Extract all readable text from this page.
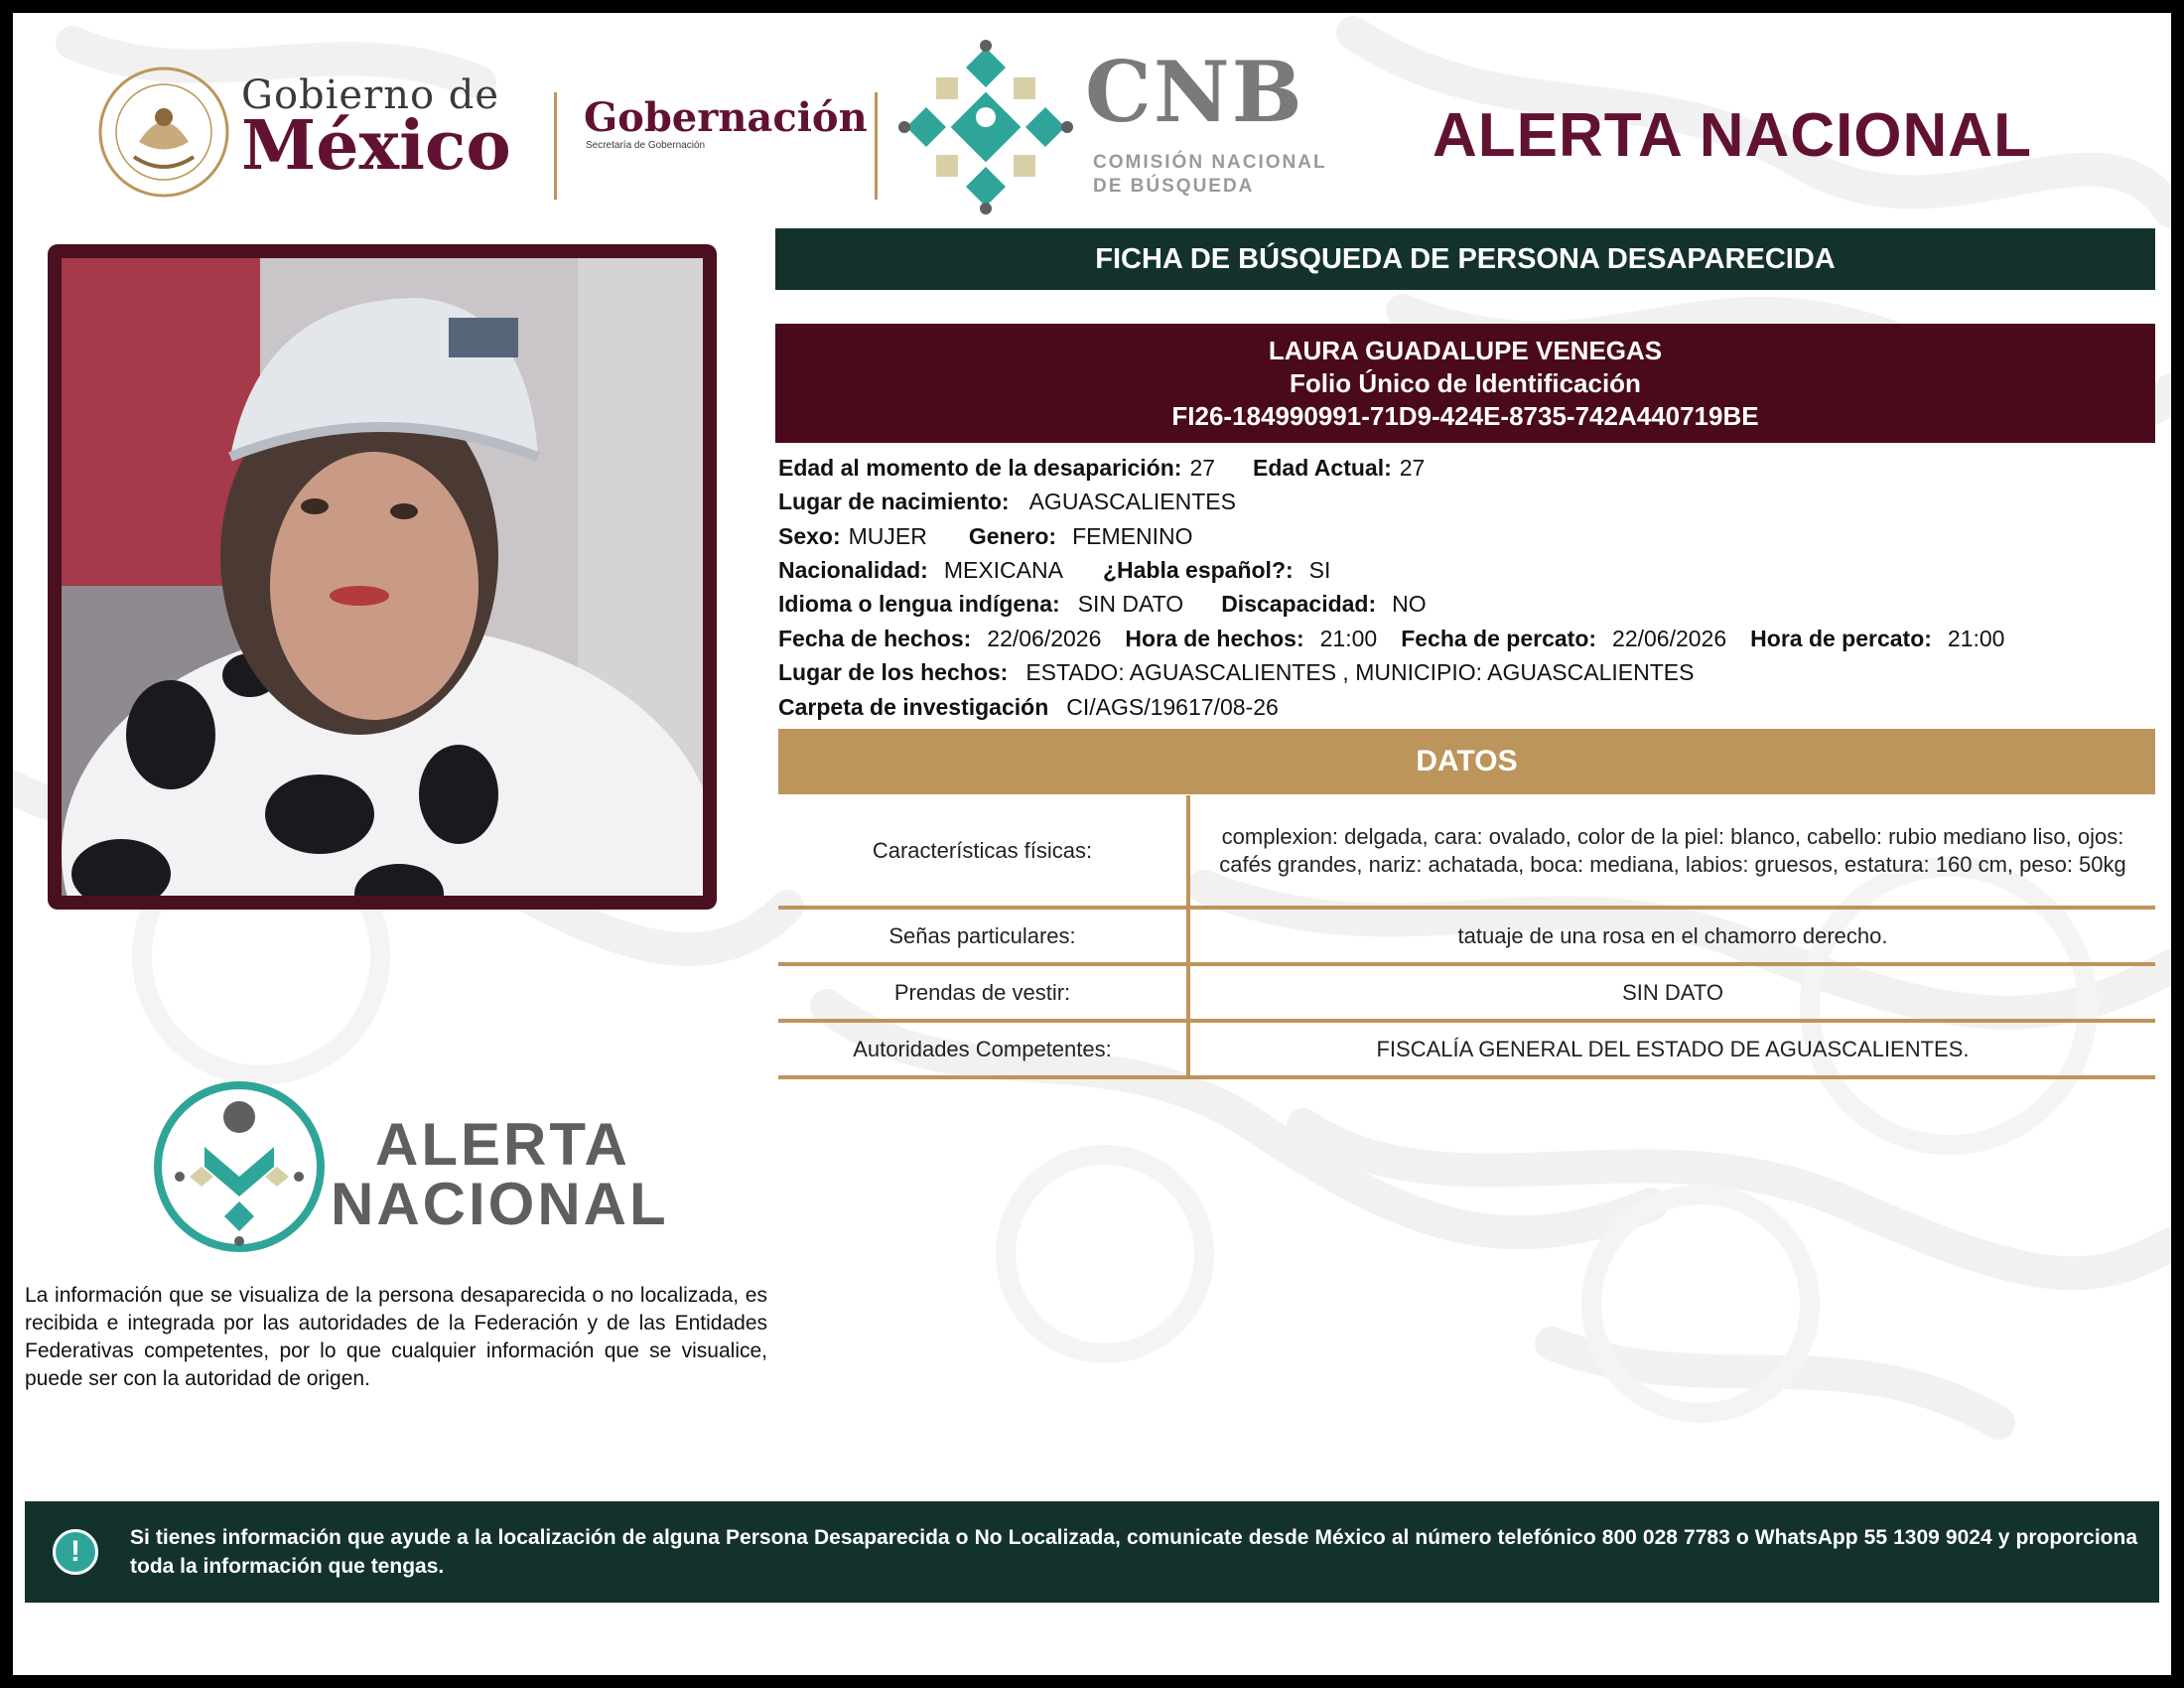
Gobierno de
México Gobernación
Secretaría de Gobernación
CNB
COMISIÓN NACIONAL
DE BÚSQUEDA
ALERTA NACIONAL
FICHA DE BÚSQUEDA DE PERSONA DESAPARECIDA
LAURA GUADALUPE VENEGAS
Folio Único de Identificación
FI26-184990991-71D9-424E-8735-742A440719BE
Edad al momento de la desaparición: 27 Edad Actual: 27
Lugar de nacimiento: AGUASCALIENTES
Sexo: MUJER Genero: FEMENINO
Nacionalidad: MEXICANA ¿Habla español?: SI
Idioma o lengua indígena: SIN DATO Discapacidad: NO
Fecha de hechos: 22/06/2026 Hora de hechos: 21:00 Fecha de percato: 22/06/2026 Hora de percato: 21:00
Lugar de los hechos: ESTADO: AGUASCALIENTES , MUNICIPIO: AGUASCALIENTES
Carpeta de investigación CI/AGS/19617/08-26
DATOS
Características físicas:
complexion: delgada, cara: ovalado, color de la piel: blanco, cabello: rubio mediano liso, ojos: cafés grandes, nariz: achatada, boca: mediana, labios: gruesos, estatura: 160 cm, peso: 50kg
Señas particulares:	tatuaje de una rosa en el chamorro derecho.
Prendas de vestir:	SIN DATO
Autoridades Competentes:	FISCALÍA GENERAL DEL ESTADO DE AGUASCALIENTES.
ALERTA
NACIONAL
La información que se visualiza de la persona desaparecida o no localizada, es recibida e integrada por las autoridades de la Federación y de las Entidades Federativas competentes, por lo que cualquier información que se visualice, puede ser con la autoridad de origen.
!	Si tienes información que ayude a la localización de alguna Persona Desaparecida o No Localizada, comunicate desde México al número telefónico 800 028 7783 o WhatsApp 55 1309 9024 y proporciona toda la información que tengas.
